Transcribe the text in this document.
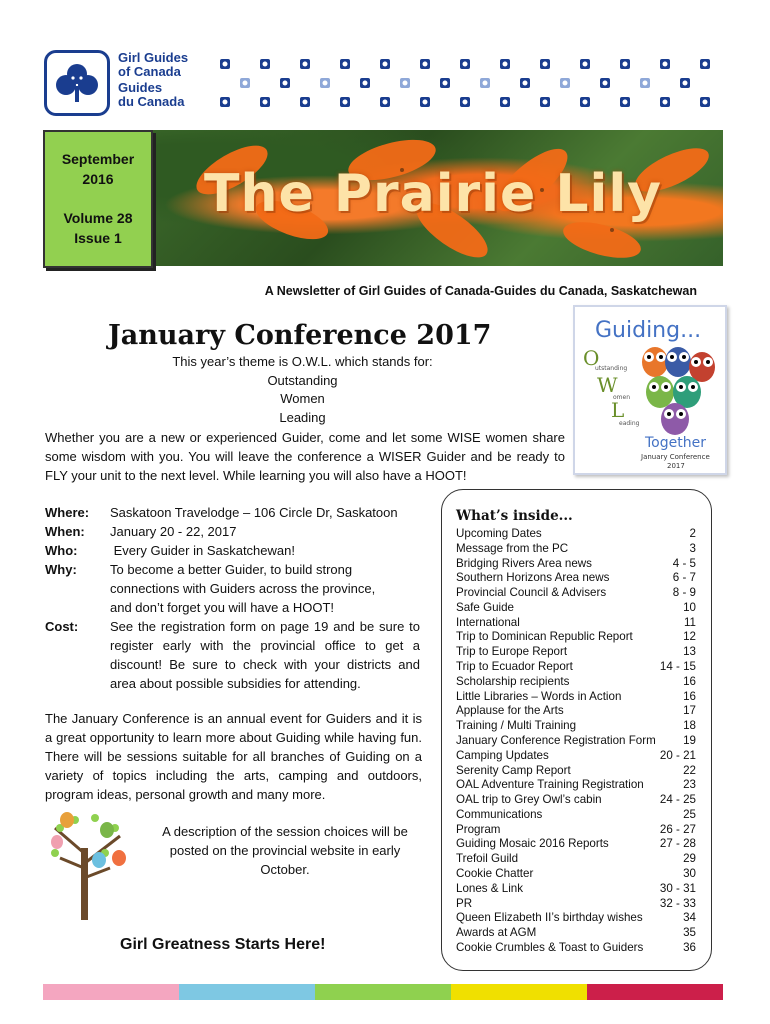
Girl Guides
of Canada
Guides
du Canada
The Prairie Lily
September
2016
Volume 28
Issue 1
A Newsletter of Girl Guides of Canada-Guides du Canada, Saskatchewan
January Conference 2017	Guiding...
O
utstanding
W
omen
L
eading
Together
January Conference
2017
This year’s theme is O.W.L. which stands for:
Outstanding
Women
Leading
Whether you are a new or experienced Guider, come and let some WISE women share some wisdom with you. You will leave the conference a WISER Guider and be ready to FLY your unit to the next level. While learning you will also have a HOOT!
Where: Saskatoon Travelodge – 106 Circle Dr, Saskatoon
When: January 20 - 22, 2017
Who:	Every Guider in Saskatchewan!
Why:	To become a better Guider, to build strong connections with Guiders across the province, and don’t forget you will have a HOOT!
Cost: See the registration form on page 19 and be sure to register early with the provincial office to get a discount! Be sure to check with your districts and area about possible subsidies for attending.
The January Conference is an annual event for Guiders and it is a great opportunity to learn more about Guiding while having fun. There will be sessions suitable for all branches of Guiding on a variety of topics including the arts, camping and outdoors, program ideas, personal growth and many more.
A description of the session choices will be posted on the provincial website in early October.
Girl Greatness Starts Here!
What’s inside...
Upcoming Dates	2
Message from the PC	3
Bridging Rivers Area news	4 - 5
Southern Horizons Area news	6 - 7
Provincial Council & Advisers	8 - 9
Safe Guide	10
International	11
Trip to Dominican Republic Report	12
Trip to Europe Report	13
Trip to Ecuador Report	14 - 15
Scholarship recipients	16
Little Libraries – Words in Action	16
Applause for the Arts	17
Training / Multi Training	18
January Conference Registration Form 19
Camping Updates	20 - 21
Serenity Camp Report	22
OAL Adventure Training Registration	23
OAL trip to Grey Owl’s cabin	24 - 25
Communications	25
Program	26 - 27
Guiding Mosaic 2016 Reports	27 - 28
Trefoil Guild	29
Cookie Chatter	30
Lones & Link	30 - 31
PR	32 - 33
Queen Elizabeth II’s birthday wishes	34
Awards at AGM	35
Cookie Crumbles & Toast to Guiders	36
